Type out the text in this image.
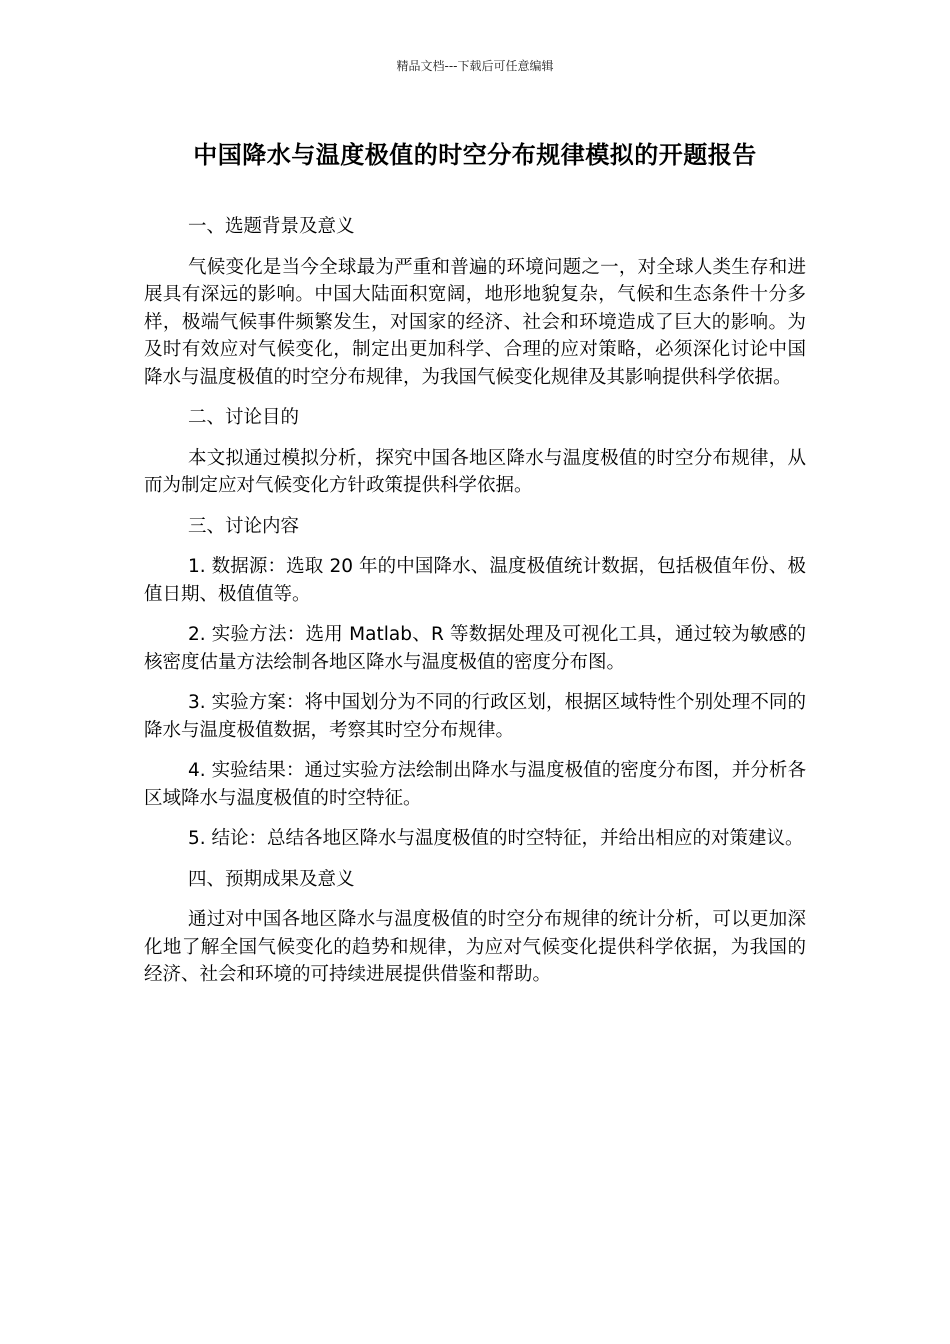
精品文档---下载后可任意编辑
中国降水与温度极值的时空分布规律模拟的开题报告

一、选题背景及意义

气候变化是当今全球最为严重和普遍的环境问题之一，对全球人类生存和进展具有深远的影响。中国大陆面积宽阔，地形地貌复杂，气候和生态条件十分多样，极端气候事件频繁发生，对国家的经济、社会和环境造成了巨大的影响。为及时有效应对气候变化，制定出更加科学、合理的应对策略，必须深化讨论中国降水与温度极值的时空分布规律，为我国气候变化规律及其影响提供科学依据。

二、讨论目的

本文拟通过模拟分析，探究中国各地区降水与温度极值的时空分布规律，从而为制定应对气候变化方针政策提供科学依据。

三、讨论内容

1. 数据源：选取 20 年的中国降水、温度极值统计数据，包括极值年份、极值日期、极值值等。

2. 实验方法：选用 Matlab、R 等数据处理及可视化工具，通过较为敏感的核密度估量方法绘制各地区降水与温度极值的密度分布图。

3. 实验方案：将中国划分为不同的行政区划，根据区域特性个别处理不同的降水与温度极值数据，考察其时空分布规律。

4. 实验结果：通过实验方法绘制出降水与温度极值的密度分布图，并分析各区域降水与温度极值的时空特征。

5. 结论：总结各地区降水与温度极值的时空特征，并给出相应的对策建议。

四、预期成果及意义

通过对中国各地区降水与温度极值的时空分布规律的统计分析，可以更加深化地了解全国气候变化的趋势和规律，为应对气候变化提供科学依据，为我国的经济、社会和环境的可持续进展提供借鉴和帮助。
